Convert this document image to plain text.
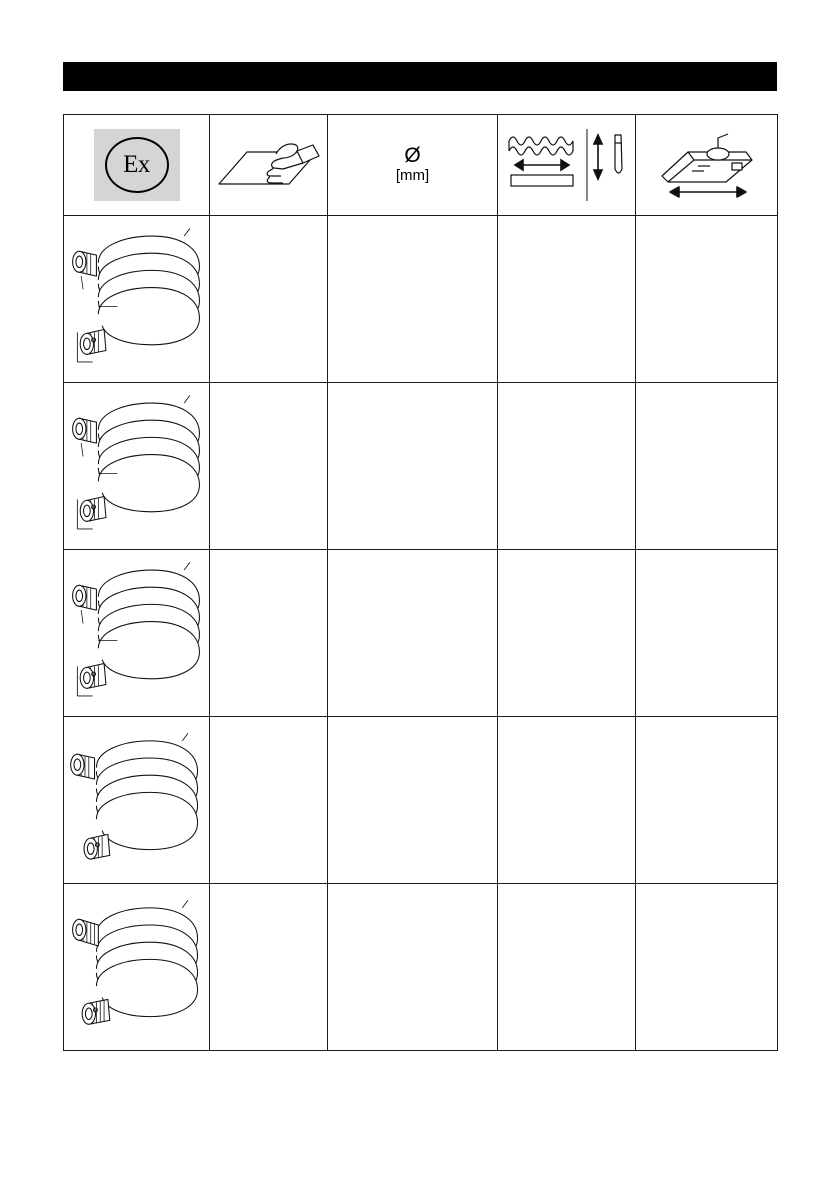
Ex		Ø
[mm]
